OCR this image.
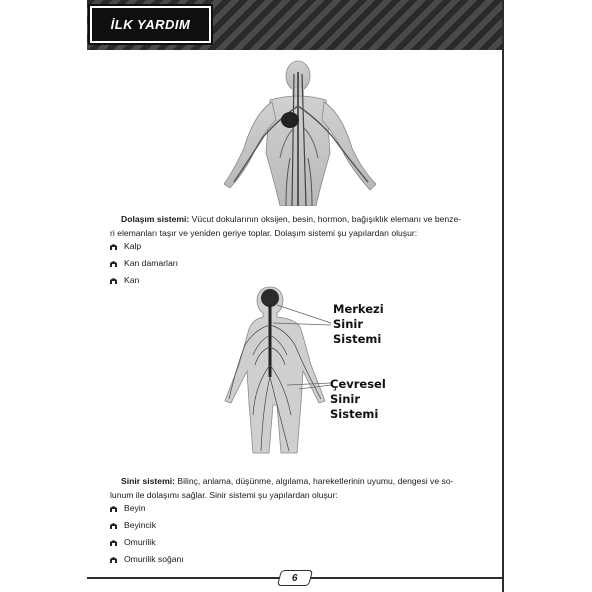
İLK YARDIM
Dolaşım sistemi: Vücut dokularının oksijen, besin, hormon, bağışıklık elemanı ve benze-
ri elemanları taşır ve yeniden geriye toplar. Dolaşım sistemi şu yapılardan oluşur:
Kalp
Kan damarları
Kan
Merkezi
Sinir
Sistemi
Çevresel
Sinir
Sistemi
Sinir sistemi: Bilinç, anlama, düşünme, algılama, hareketlerinin uyumu, dengesi ve so-
lunum ile dolaşımı sağlar. Sinir sistemi şu yapılardan oluşur:
Beyin
Beyincik
Omurilik
Omurilik soğanı
6
